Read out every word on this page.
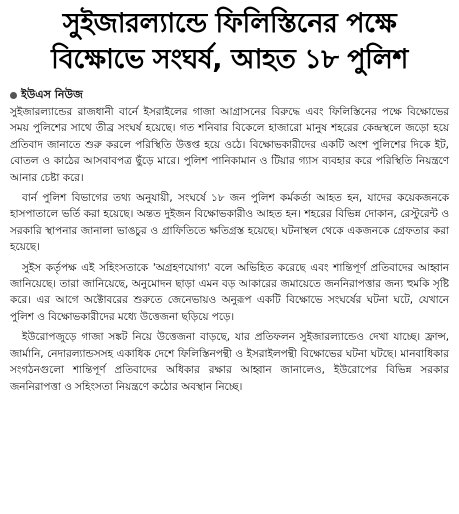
সুইজারল্যান্ডে ফিলিস্তিনের পক্ষে
বিক্ষোভে সংঘর্ষ, আহত ১৮ পুলিশ
ইউএস নিউজ

সুইজারল্যান্ডের রাজধানী বার্নে ইসরাইলের গাজা আগ্রাসনের বিরুদ্ধে এবং ফিলিস্তিনের পক্ষে বিক্ষোভের সময় পুলিশের সাথে তীব্র সংঘর্ষ হয়েছে। গত শনিবার বিকেলে হাজারো মানুষ শহরের কেন্দ্রস্থলে জড়ো হয়ে প্রতিবাদ জানাতে শুরু করলে পরিস্থিতি উত্তপ্ত হয়ে ওঠে। বিক্ষোভকারীদের একটি অংশ পুলিশের দিকে ইট, বোতল ও কাঠের আসবাবপত্র ছুঁড়ে মারে। পুলিশ পানিকামান ও টিয়ার গ্যাস ব্যবহার করে পরিস্থিতি নিয়ন্ত্রণে আনার চেষ্টা করে।

বার্ন পুলিশ বিভাগের তথ্য অনুযায়ী, সংঘর্ষে ১৮ জন পুলিশ কর্মকর্তা আহত হন, যাদের কয়েকজনকে হাসপাতালে ভর্তি করা হয়েছে। অন্তত দুইজন বিক্ষোভকারীও আহত হন। শহরের বিভিন্ন দোকান, রেস্টুরেন্ট ও সরকারি স্থাপনার জানালা ভাঙচুর ও গ্রাফিতিতে ক্ষতিগ্রস্ত হয়েছে। ঘটনাস্থল থেকে একজনকে গ্রেফতার করা হয়েছে।

সুইস কর্তৃপক্ষ এই সহিংসতাকে 'অগ্রহণযোগ্য' বলে অভিহিত করেছে এবং শান্তিপূর্ণ প্রতিবাদের আহ্বান জানিয়েছে। তারা জানিয়েছে, অনুমোদন ছাড়া এমন বড় আকারের জমায়েতে জননিরাপত্তার জন্য হুমকি সৃষ্টি করে। এর আগে অক্টোবরের শুরুতে জেনেভায়ও অনুরূপ একটি বিক্ষোভে সংঘর্ষের ঘটনা ঘটে, যেখানে পুলিশ ও বিক্ষোভকারীদের মধ্যে উত্তেজনা ছড়িয়ে পড়ে।

ইউরোপজুড়ে গাজা সঙ্কট নিয়ে উত্তেজনা বাড়ছে, যার প্রতিফলন সুইজারল্যান্ডেও দেখা যাচ্ছে। ফ্রান্স, জার্মানি, নেদারল্যান্ডসসহ একাধিক দেশে ফিলিস্তিনপন্থী ও ইসরাইলপন্থী বিক্ষোভের ঘটনা ঘটছে। মানবাধিকার সংগঠনগুলো শান্তিপূর্ণ প্রতিবাদের অধিকার রক্ষার আহ্বান জানালেও, ইউরোপের বিভিন্ন সরকার জননিরাপত্তা ও সহিংসতা নিয়ন্ত্রণে কঠোর অবস্থান নিচ্ছে।
